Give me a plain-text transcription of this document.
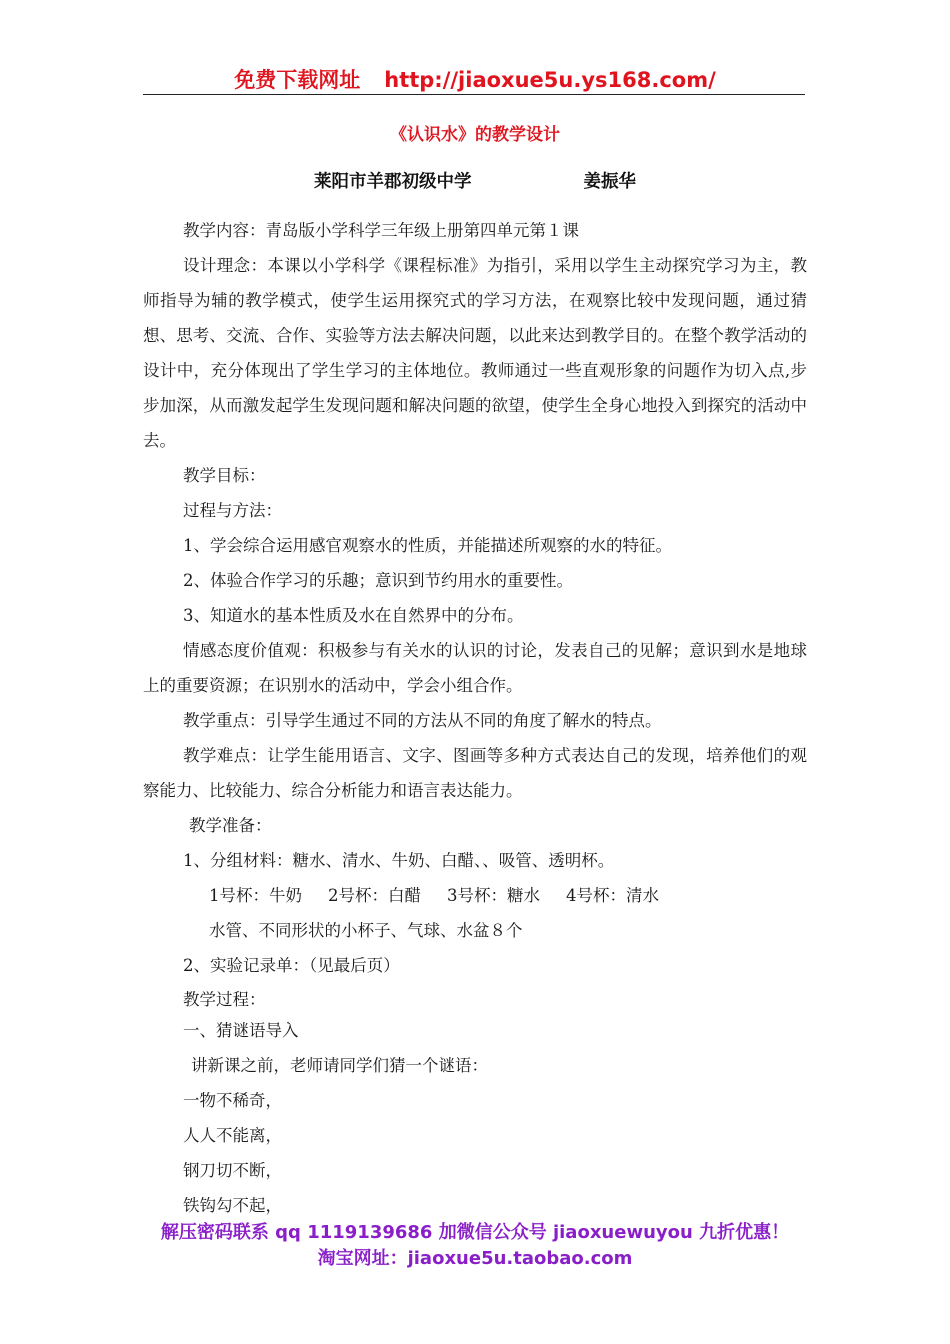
免费下载网址 http://jiaoxue5u.ys168.com/
《认识水》的教学设计
莱阳市羊郡初级中学	姜振华

教学内容：青岛版小学科学三年级上册第四单元第１课

设计理念：本课以小学科学《课程标准》为指引，采用以学生主动探究学习为主，教师指导为辅的教学模式，使学生运用探究式的学习方法，在观察比较中发现问题，通过猜想、思考、交流、合作、实验等方法去解决问题，以此来达到教学目的。在整个教学活动的设计中，充分体现出了学生学习的主体地位。教师通过一些直观形象的问题作为切入点,步步加深，从而激发起学生发现问题和解决问题的欲望，使学生全身心地投入到探究的活动中去。

教学目标：

过程与方法：

1、学会综合运用感官观察水的性质，并能描述所观察的水的特征。

2、体验合作学习的乐趣；意识到节约用水的重要性。

3、知道水的基本性质及水在自然界中的分布。

情感态度价值观：积极参与有关水的认识的讨论，发表自己的见解；意识到水是地球上的重要资源；在识别水的活动中，学会小组合作。

教学重点：引导学生通过不同的方法从不同的角度了解水的特点。

教学难点：让学生能用语言、文字、图画等多种方式表达自己的发现，培养他们的观察能力、比较能力、综合分析能力和语言表达能力。

教学准备：

1、分组材料：糖水、清水、牛奶、白醋、、吸管、透明杯。

1号杯：牛奶 2号杯：白醋 3号杯：糖水 4号杯：清水

水管、不同形状的小杯子、气球、水盆８个

2、实验记录单：（见最后页）

教学过程：

一、猜谜语导入

讲新课之前，老师请同学们猜一个谜语：

一物不稀奇，

人人不能离，

钢刀切不断，

铁钩勾不起，

解压密码联系 qq 1119139686 加微信公众号 jiaoxuewuyou 九折优惠！
淘宝网址：jiaoxue5u.taobao.com
